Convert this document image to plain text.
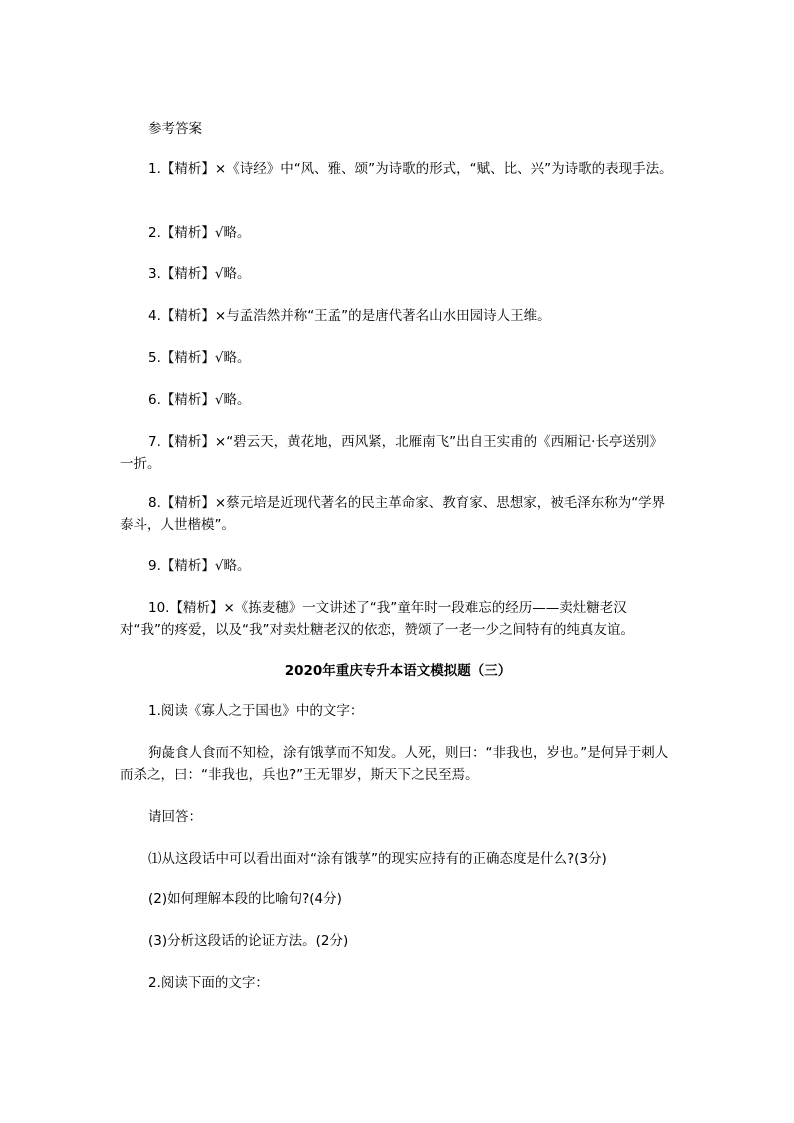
参考答案

1.【精析】×《诗经》中“风、雅、颂”为诗歌的形式，“赋、比、兴”为诗歌的表现手法。

2.【精析】√略。

3.【精析】√略。

4.【精析】×与孟浩然并称“王孟”的是唐代著名山水田园诗人王维。

5.【精析】√略。

6.【精析】√略。

7.【精析】×“碧云天，黄花地，西风紧，北雁南飞”出自王实甫的《西厢记·长亭送别》一折。

8.【精析】×蔡元培是近现代著名的民主革命家、教育家、思想家，被毛泽东称为“学界泰斗，人世楷模”。

9.【精析】√略。

10.【精析】×《拣麦穗》一文讲述了“我”童年时一段难忘的经历——卖灶糖老汉对“我”的疼爱，以及“我”对卖灶糖老汉的依恋，赞颂了一老一少之间特有的纯真友谊。

2020年重庆专升本语文模拟题（三）

1.阅读《寡人之于国也》中的文字：

狗彘食人食而不知检，涂有饿莩而不知发。人死，则曰：“非我也，岁也。”是何异于刺人而杀之，曰：“非我也，兵也?”王无罪岁，斯天下之民至焉。

请回答：

⑴从这段话中可以看出面对“涂有饿莩”的现实应持有的正确态度是什么?(3分)

(2)如何理解本段的比喻句?(4分)

(3)分析这段话的论证方法。(2分)

2.阅读下面的文字：
